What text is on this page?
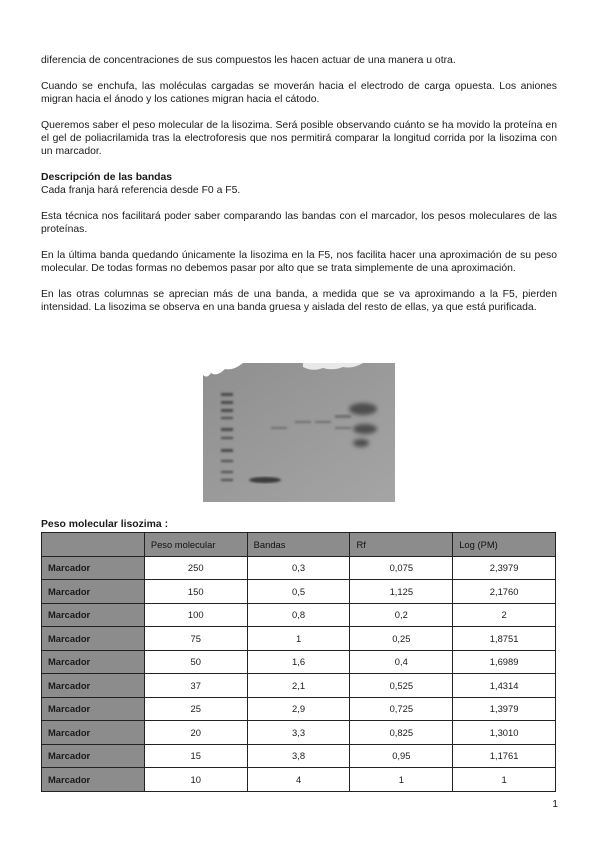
diferencia de concentraciones de sus compuestos les hacen actuar de una manera u otra.

Cuando se enchufa, las moléculas cargadas se moverán hacia el electrodo de carga opuesta. Los aniones migran hacia el ánodo y los cationes migran hacia el cátodo.

Queremos saber el peso molecular de la lisozima. Será posible observando cuánto se ha movido la proteína en el gel de poliacrilamida tras la electroforesis que nos permitirá comparar la longitud corrida por la lisozima con un marcador.

Descripción de las bandas

Cada franja hará referencia desde F0 a F5.

Esta técnica nos facilitará poder saber comparando las bandas con el marcador, los pesos moleculares de las proteínas.

En la última banda quedando únicamente la lisozima en la F5, nos facilita hacer una aproximación de su peso molecular. De todas formas no debemos pasar por alto que se trata simplemente de una aproximación.

En las otras columnas se aprecian más de una banda, a medida que se va aproximando a la F5, pierden intensidad. La lisozima se observa en una banda gruesa y aislada del resto de ellas, ya que está purificada.

Peso molecular lisozima :
	Peso molecular	Bandas	Rf	Log (PM)
Marcador	250	0,3	0,075	2,3979
Marcador	150	0,5	1,125	2,1760
Marcador	100	0,8	0,2	2
Marcador	75	1	0,25	1,8751
Marcador	50	1,6	0,4	1,6989
Marcador	37	2,1	0,525	1,4314
Marcador	25	2,9	0,725	1,3979
Marcador	20	3,3	0,825	1,3010
Marcador	15	3,8	0,95	1,1761
Marcador	10	4	1	1
1
